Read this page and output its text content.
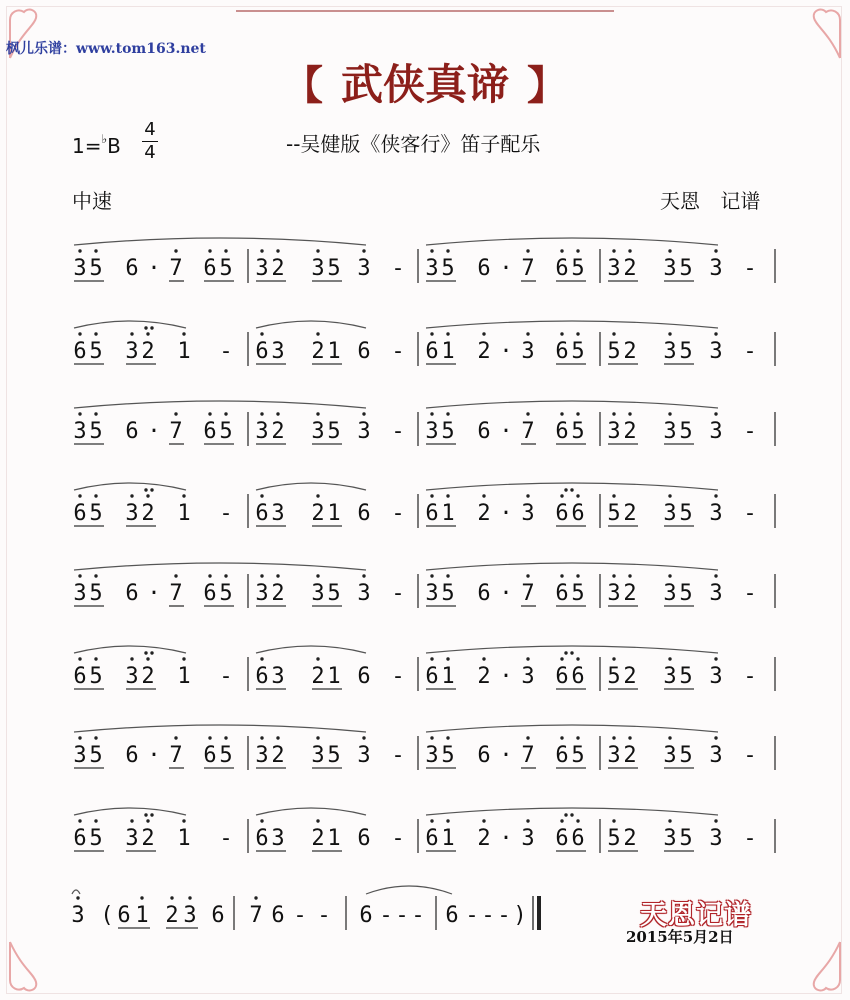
枫儿乐谱：www.tom163.net
【 武侠真谛 】
1=♭B
4
4	--吴健版《侠客行》笛子配乐
中速	天恩 记谱
3 5 6 · 7 6 5 3 2 3 5 3 - 3 5 6 · 7 6 5 3 2 3 5 3 -
6 5 3 2 1 - 6 3 2 1 6 - 6 1 2 · 3 6 5 5 2 3 5 3 -
3 5 6 · 7 6 5 3 2 3 5 3 - 3 5 6 · 7 6 5 3 2 3 5 3 -
6 5 3 2 1 - 6 3 2 1 6 - 6 1 2 · 3 6 6 5 2 3 5 3 -
3 5 6 · 7 6 5 3 2 3 5 3 - 3 5 6 · 7 6 5 3 2 3 5 3 -
6 5 3 2 1 - 6 3 2 1 6 - 6 1 2 · 3 6 6 5 2 3 5 3 -
3 5 6 · 7 6 5 3 2 3 5 3 - 3 5 6 · 7 6 5 3 2 3 5 3 -
6 5 3 2 1 - 6 3 2 1 6 - 6 1 2 · 3 6 6 5 2 3 5 3 -
3 ( 6 1 2 3 6 7 6 - - 6 - - - 6 - - - )	天恩记谱
2015年5月2日
